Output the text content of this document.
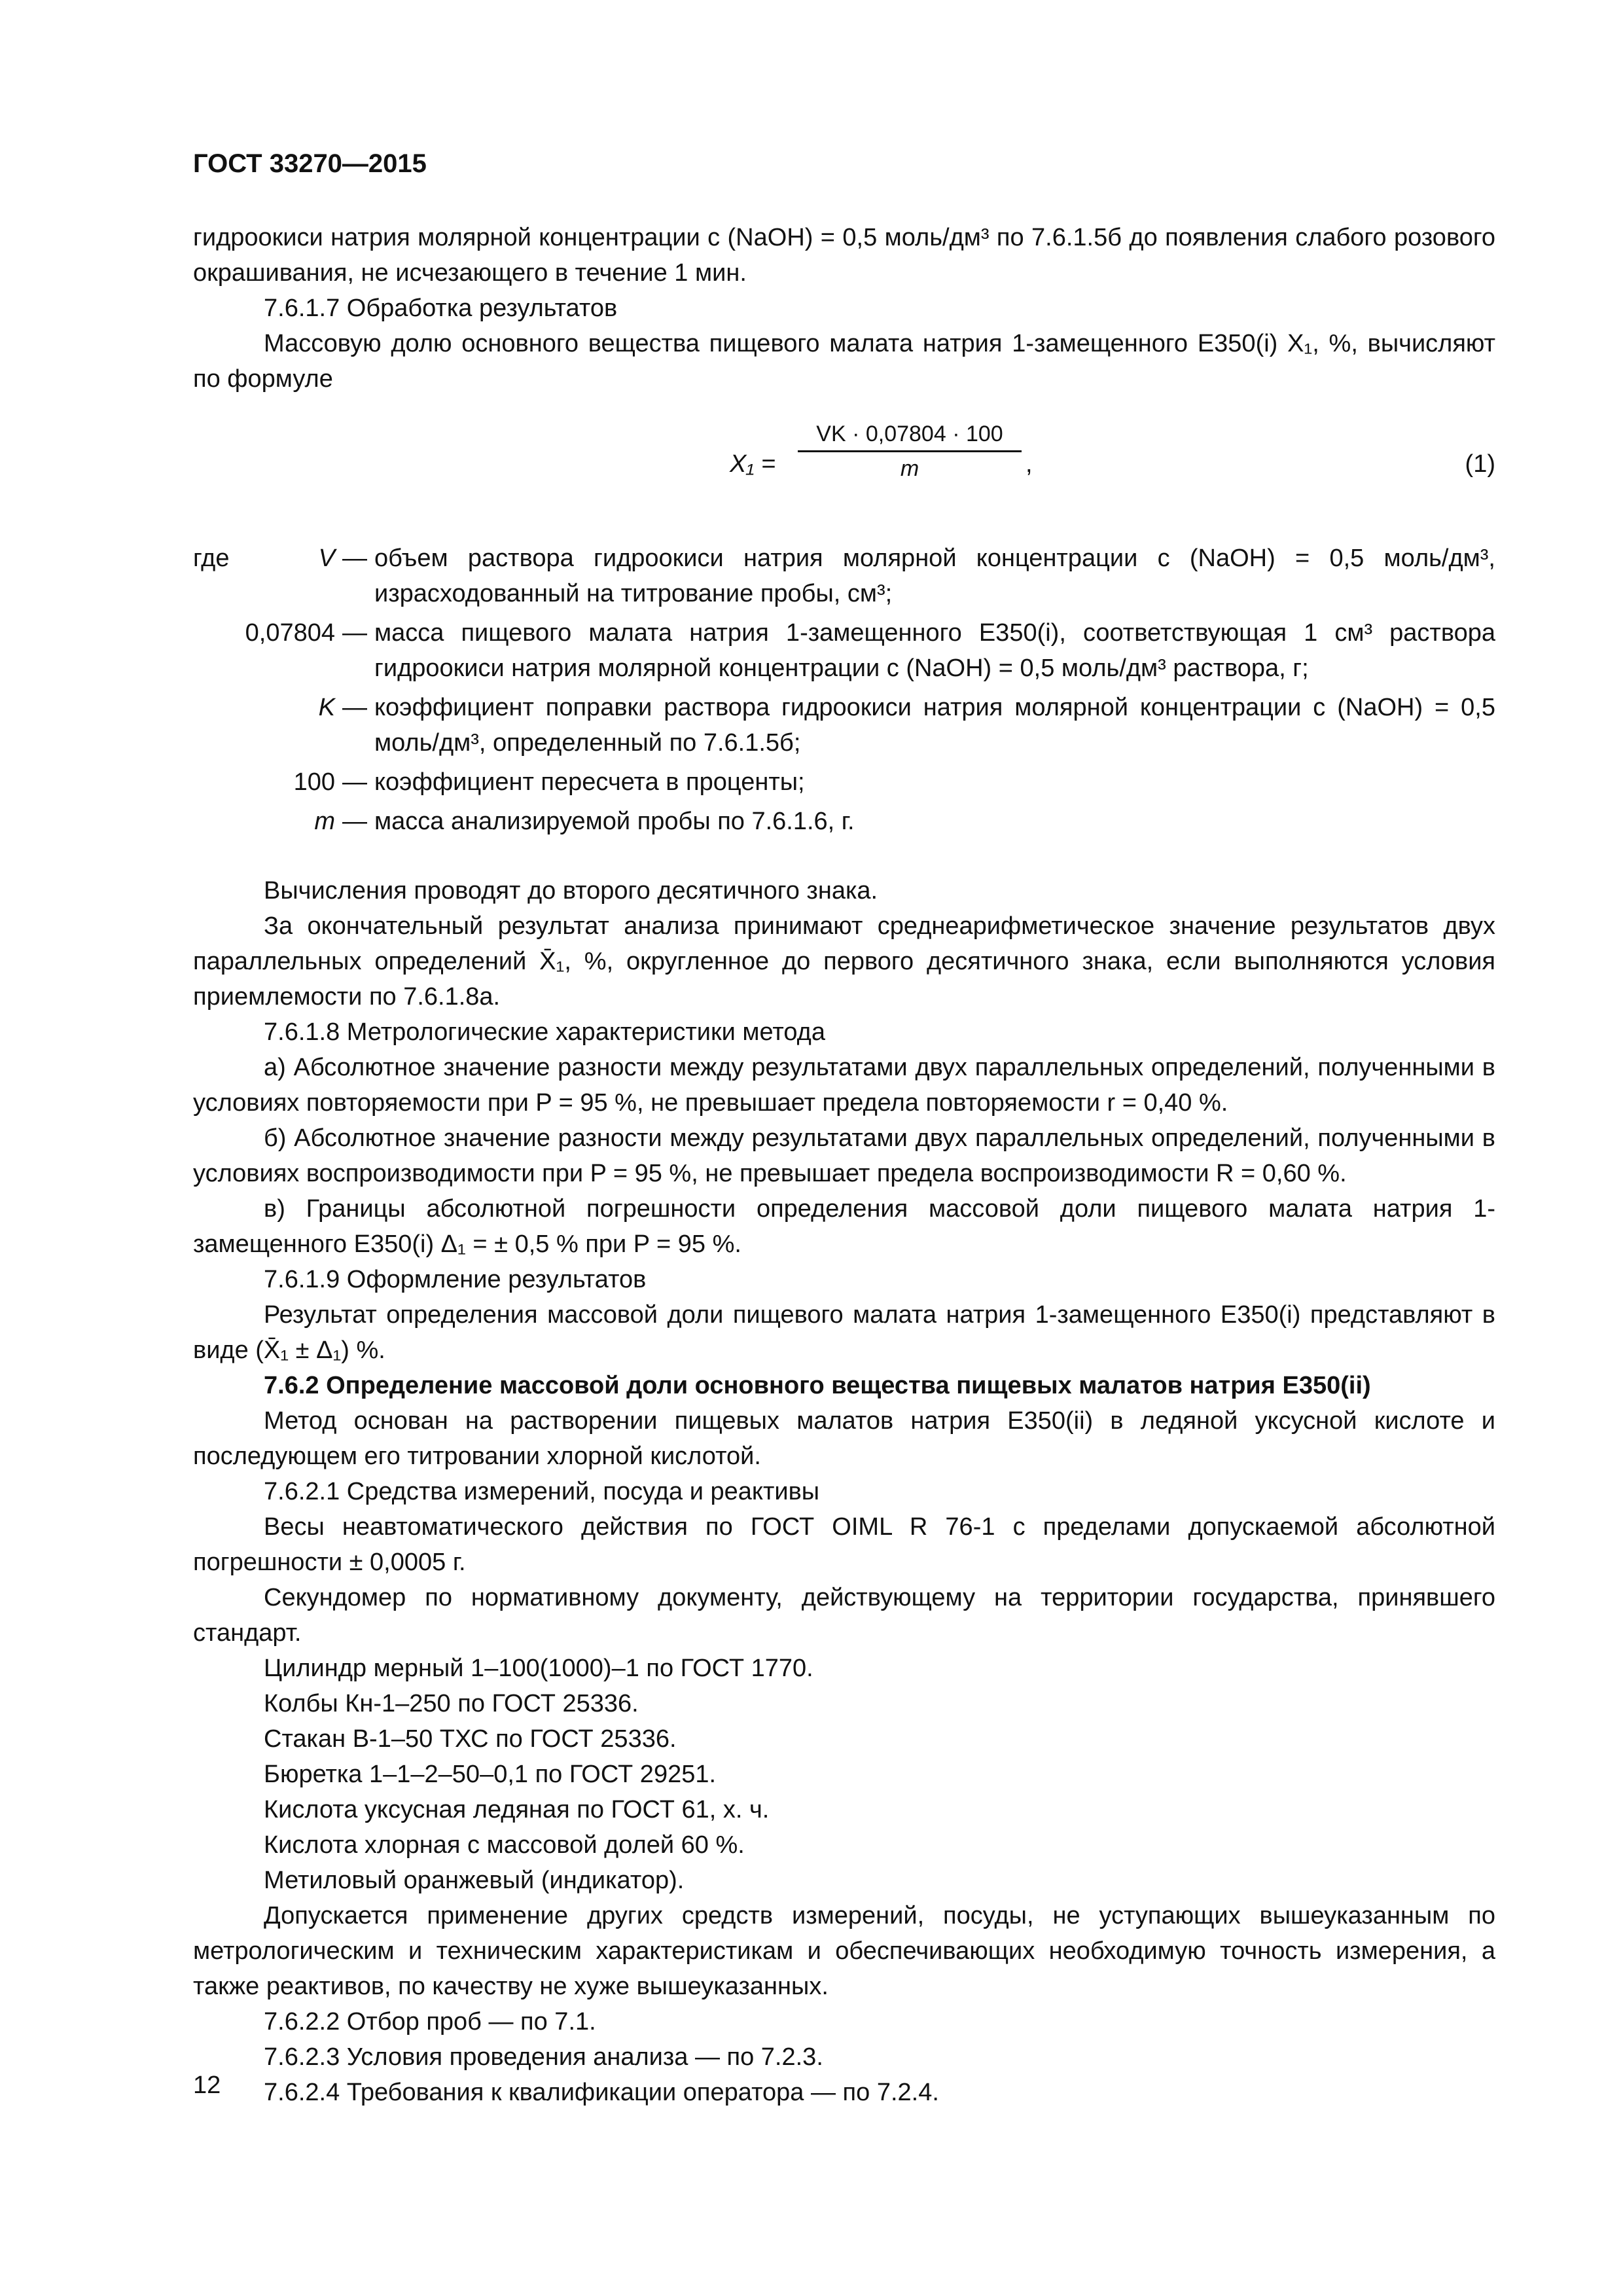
ГОСТ 33270—2015

гидроокиси натрия молярной концентрации c (NaOH) = 0,5 моль/дм³ по 7.6.1.5б до появления слабого розового окрашивания, не исчезающего в течение 1 мин.

7.6.1.7 Обработка результатов

Массовую долю основного вещества пищевого малата натрия 1-замещенного Е350(i) X₁, %, вычисляют по формуле

X₁ =
VK · 0,07804 · 100
m	,	(1)
где	V — объем раствора гидроокиси натрия молярной концентрации c (NaOH) = 0,5 моль/дм³, израсходованный на титрование пробы, см³;
0,07804 — масса пищевого малата натрия 1-замещенного Е350(i), соответствующая 1 см³ раствора гидроокиси натрия молярной концентрации c (NaOH) = 0,5 моль/дм³ раствора, г;
K — коэффициент поправки раствора гидроокиси натрия молярной концентрации c (NaOH) = 0,5 моль/дм³, определенный по 7.6.1.5б;
100 — коэффициент пересчета в проценты;
m — масса анализируемой пробы по 7.6.1.6, г.

Вычисления проводят до второго десятичного знака.

За окончательный результат анализа принимают среднеарифметическое значение результатов двух параллельных определений X̄₁, %, округленное до первого десятичного знака, если выполняются условия приемлемости по 7.6.1.8а.

7.6.1.8 Метрологические характеристики метода

а) Абсолютное значение разности между результатами двух параллельных определений, полученными в условиях повторяемости при P = 95 %, не превышает предела повторяемости r = 0,40 %.

б) Абсолютное значение разности между результатами двух параллельных определений, полученными в условиях воспроизводимости при P = 95 %, не превышает предела воспроизводимости R = 0,60 %.

в) Границы абсолютной погрешности определения массовой доли пищевого малата натрия 1-замещенного Е350(i) Δ₁ = ± 0,5 % при P = 95 %.

7.6.1.9 Оформление результатов

Результат определения массовой доли пищевого малата натрия 1-замещенного Е350(i) представляют в виде (X̄₁ ± Δ₁) %.

7.6.2 Определение массовой доли основного вещества пищевых малатов натрия Е350(ii)

Метод основан на растворении пищевых малатов натрия Е350(ii) в ледяной уксусной кислоте и последующем его титровании хлорной кислотой.

7.6.2.1 Средства измерений, посуда и реактивы

Весы неавтоматического действия по ГОСТ OIML R 76-1 с пределами допускаемой абсолютной погрешности ± 0,0005 г.

Секундомер по нормативному документу, действующему на территории государства, принявшего стандарт.

Цилиндр мерный 1–100(1000)–1 по ГОСТ 1770.

Колбы Кн-1–250 по ГОСТ 25336.

Стакан В-1–50 ТХС по ГОСТ 25336.

Бюретка 1–1–2–50–0,1 по ГОСТ 29251.

Кислота уксусная ледяная по ГОСТ 61, х. ч.

Кислота хлорная с массовой долей 60 %.

Метиловый оранжевый (индикатор).

Допускается применение других средств измерений, посуды, не уступающих вышеуказанным по метрологическим и техническим характеристикам и обеспечивающих необходимую точность измерения, а также реактивов, по качеству не хуже вышеуказанных.

7.6.2.2 Отбор проб — по 7.1.

7.6.2.3 Условия проведения анализа — по 7.2.3.

7.6.2.4 Требования к квалификации оператора — по 7.2.4.

12
